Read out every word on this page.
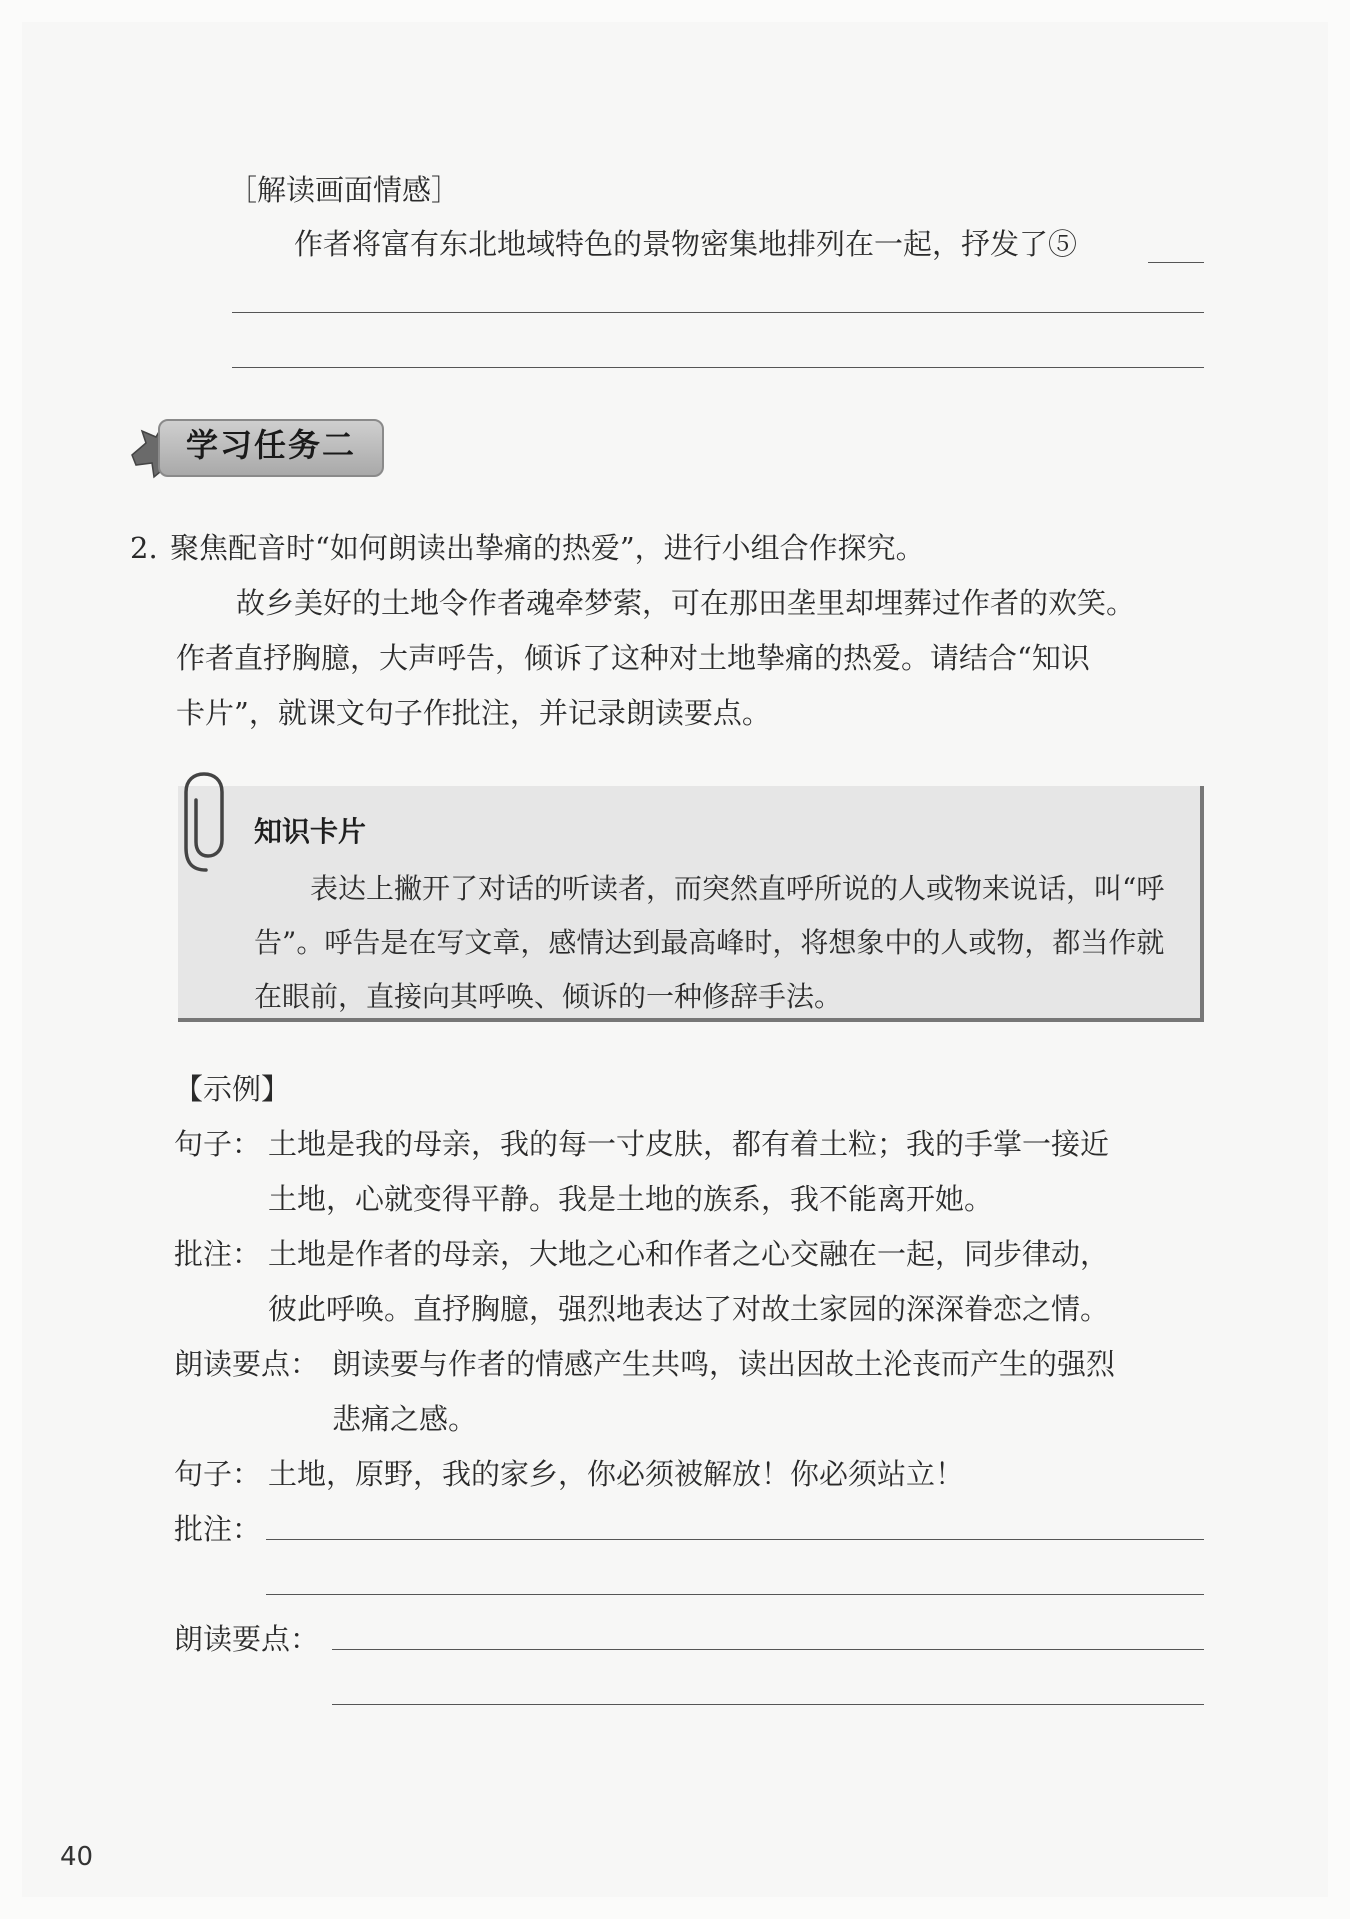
［解读画面情感］
作者将富有东北地域特色的景物密集地排列在一起，抒发了⑤
学习任务二
2. 聚焦配音时“如何朗读出挚痛的热爱”，进行小组合作探究。
故乡美好的土地令作者魂牵梦萦，可在那田垄里却埋葬过作者的欢笑。
作者直抒胸臆，大声呼告，倾诉了这种对土地挚痛的热爱。请结合“知识
卡片”，就课文句子作批注，并记录朗读要点。
知识卡片
表达上撇开了对话的听读者，而突然直呼所说的人或物来说话，叫“呼告”。呼告是在写文章，感情达到最高峰时，将想象中的人或物，都当作就在眼前，直接向其呼唤、倾诉的一种修辞手法。
【示例】
句子： 土地是我的母亲，我的每一寸皮肤，都有着土粒；我的手掌一接近
土地，心就变得平静。我是土地的族系，我不能离开她。
批注： 土地是作者的母亲，大地之心和作者之心交融在一起，同步律动，
彼此呼唤。直抒胸臆，强烈地表达了对故土家园的深深眷恋之情。
朗读要点： 朗读要与作者的情感产生共鸣，读出因故土沦丧而产生的强烈
悲痛之感。
句子： 土地，原野，我的家乡，你必须被解放！你必须站立！
批注：
朗读要点：
40
